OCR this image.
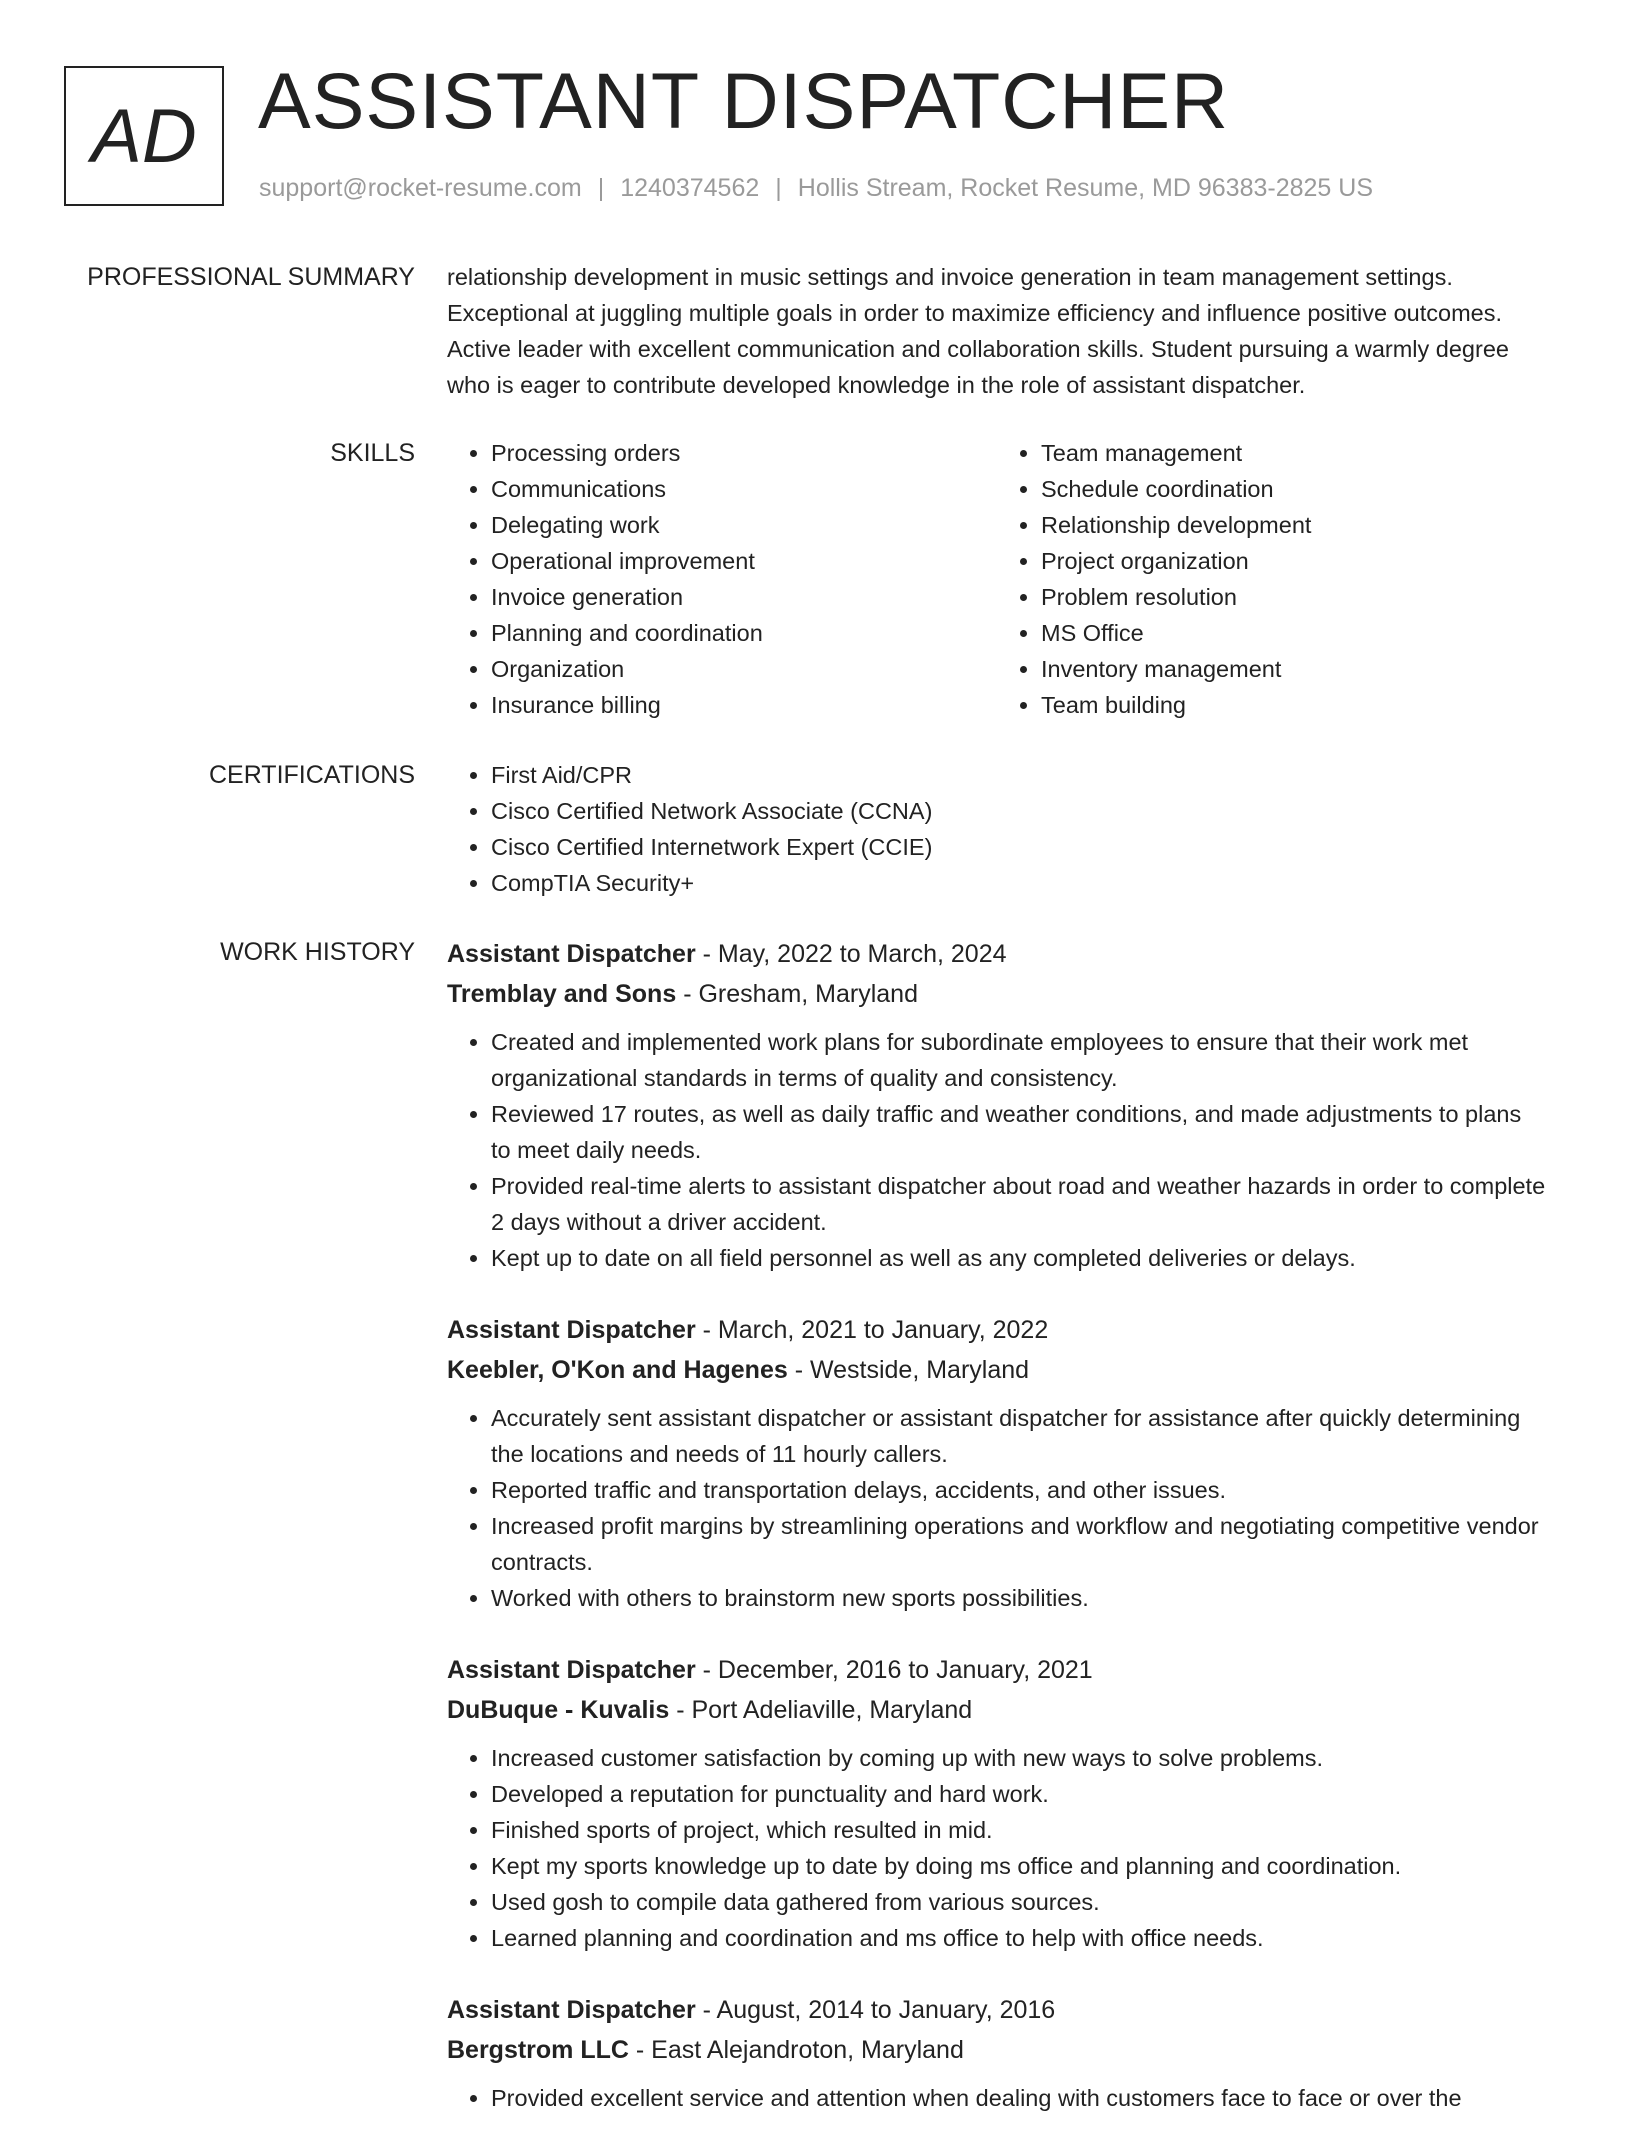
AD ASSISTANT DISPATCHER
support@rocket-resume.com | 1240374562 | Hollis Stream, Rocket Resume, MD 96383-2825 US
PROFESSIONAL SUMMARY relationship development in music settings and invoice generation in team management settings. Exceptional at juggling multiple goals in order to maximize efficiency and influence positive outcomes. Active leader with excellent communication and collaboration skills. Student pursuing a warmly degree who is eager to contribute developed knowledge in the role of assistant dispatcher.
SKILLS	• Processing orders
• Communications
• Delegating work
• Operational improvement
• Invoice generation
• Planning and coordination
• Organization
• Insurance billing
• Team management
• Schedule coordination
• Relationship development
• Project organization
• Problem resolution
• MS Office
• Inventory management
• Team building
CERTIFICATIONS	• First Aid/CPR
• Cisco Certified Network Associate (CCNA)
• Cisco Certified Internetwork Expert (CCIE)
• CompTIA Security+
WORK HISTORY Assistant Dispatcher - May, 2022 to March, 2024
Tremblay and Sons - Gresham, Maryland
• Created and implemented work plans for subordinate employees to ensure that their work met organizational standards in terms of quality and consistency.
• Reviewed 17 routes, as well as daily traffic and weather conditions, and made adjustments to plans to meet daily needs.
• Provided real-time alerts to assistant dispatcher about road and weather hazards in order to complete 2 days without a driver accident.
• Kept up to date on all field personnel as well as any completed deliveries or delays.
Assistant Dispatcher - March, 2021 to January, 2022
Keebler, O'Kon and Hagenes - Westside, Maryland
• Accurately sent assistant dispatcher or assistant dispatcher for assistance after quickly determining the locations and needs of 11 hourly callers.
• Reported traffic and transportation delays, accidents, and other issues.
• Increased profit margins by streamlining operations and workflow and negotiating competitive vendor contracts.
• Worked with others to brainstorm new sports possibilities.
Assistant Dispatcher - December, 2016 to January, 2021
DuBuque - Kuvalis - Port Adeliaville, Maryland
• Increased customer satisfaction by coming up with new ways to solve problems.
• Developed a reputation for punctuality and hard work.
• Finished sports of project, which resulted in mid.
• Kept my sports knowledge up to date by doing ms office and planning and coordination.
• Used gosh to compile data gathered from various sources.
• Learned planning and coordination and ms office to help with office needs.
Assistant Dispatcher - August, 2014 to January, 2016
Bergstrom LLC - East Alejandroton, Maryland
• Provided excellent service and attention when dealing with customers face to face or over the
